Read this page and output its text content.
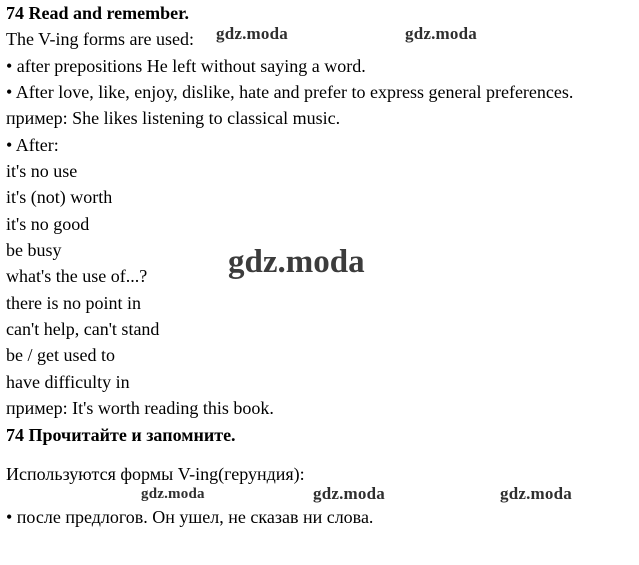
74 Read and remember.
The V-ing forms are used:
• after prepositions He left without saying a word.
• After love, like, enjoy, dislike, hate and prefer to express general preferences.
пример: She likes listening to classical music.
• After:
it's no use
it's (not) worth
it's no good
be busy
what's the use of...?
there is no point in
can't help, can't stand
be / get used to
have difficulty in
пример: It's worth reading this book.
74 Прочитайте и запомните.
Используются формы V-ing(герундия):
• после предлогов. Он ушел, не сказав ни слова.
gdz.moda	gdz.moda
gdz.moda
gdz.moda	gdz.moda	gdz.moda
